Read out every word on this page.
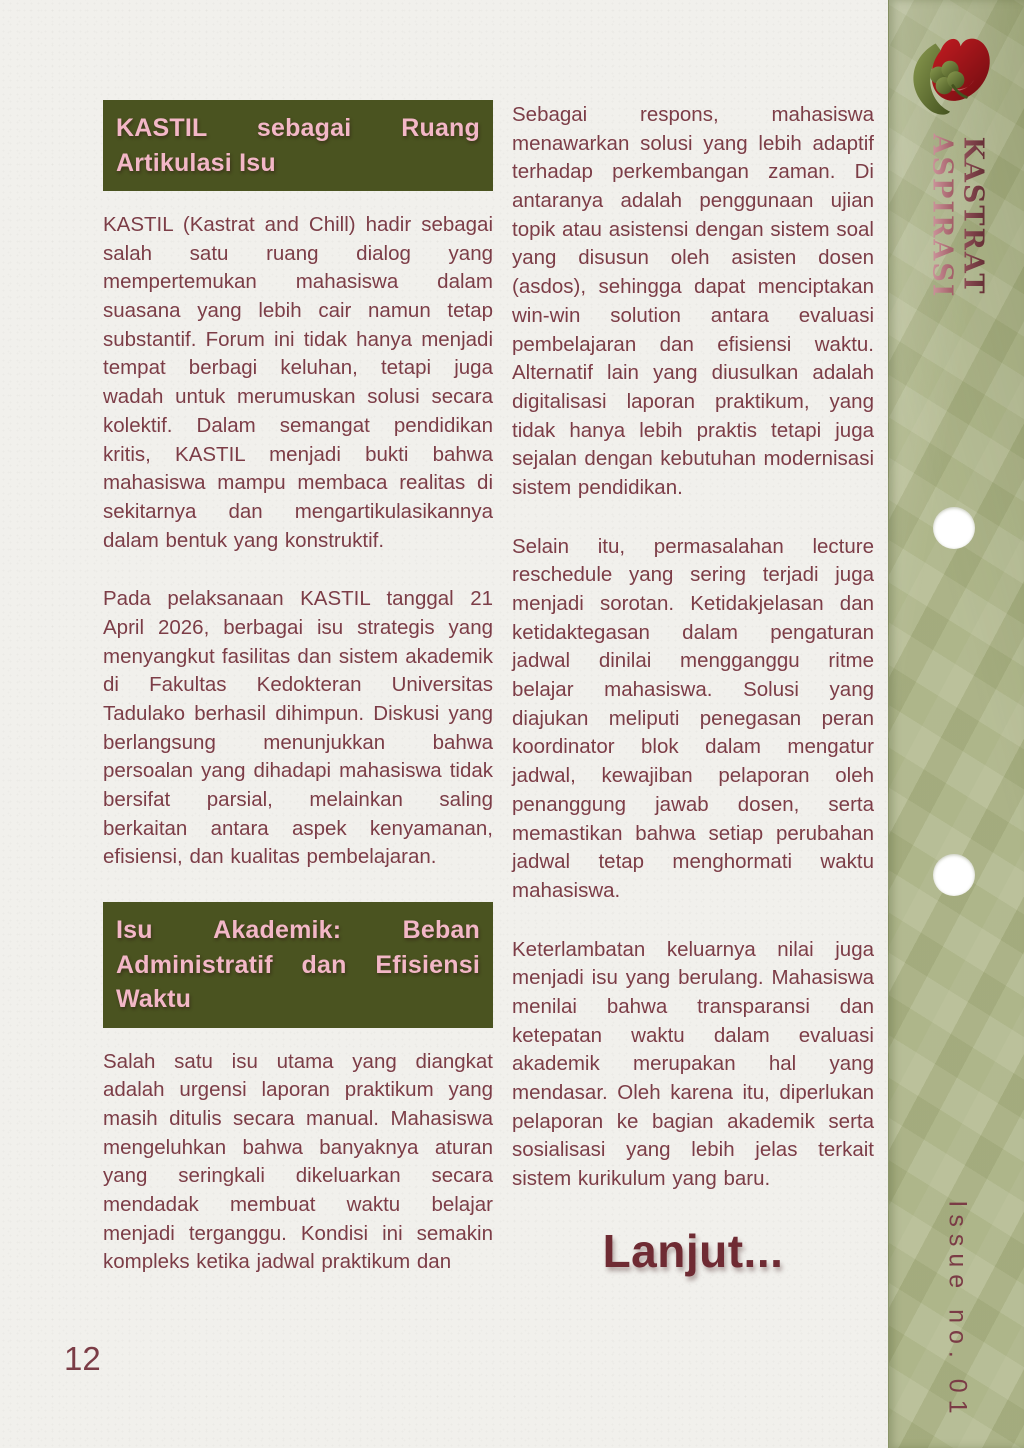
KASTIL sebagai Ruang Artikulasi Isu

KASTIL (Kastrat and Chill) hadir sebagai salah satu ruang dialog yang mempertemukan mahasiswa dalam suasana yang lebih cair namun tetap substantif. Forum ini tidak hanya menjadi tempat berbagi keluhan, tetapi juga wadah untuk merumuskan solusi secara kolektif. Dalam semangat pendidikan kritis, KASTIL menjadi bukti bahwa mahasiswa mampu membaca realitas di sekitarnya dan mengartikulasikannya dalam bentuk yang konstruktif.

Pada pelaksanaan KASTIL tanggal 21 April 2026, berbagai isu strategis yang menyangkut fasilitas dan sistem akademik di Fakultas Kedokteran Universitas Tadulako berhasil dihimpun. Diskusi yang berlangsung menunjukkan bahwa persoalan yang dihadapi mahasiswa tidak bersifat parsial, melainkan saling berkaitan antara aspek kenyamanan, efisiensi, dan kualitas pembelajaran.

Isu Akademik: Beban Administratif dan Efisiensi Waktu

Salah satu isu utama yang diangkat adalah urgensi laporan praktikum yang masih ditulis secara manual. Mahasiswa mengeluhkan bahwa banyaknya aturan yang seringkali dikeluarkan secara mendadak membuat waktu belajar menjadi terganggu. Kondisi ini semakin kompleks ketika jadwal praktikum dan

Sebagai respons, mahasiswa menawarkan solusi yang lebih adaptif terhadap perkembangan zaman. Di antaranya adalah penggunaan ujian topik atau asistensi dengan sistem soal yang disusun oleh asisten dosen (asdos), sehingga dapat menciptakan win-win solution antara evaluasi pembelajaran dan efisiensi waktu. Alternatif lain yang diusulkan adalah digitalisasi laporan praktikum, yang tidak hanya lebih praktis tetapi juga sejalan dengan kebutuhan modernisasi sistem pendidikan.

Selain itu, permasalahan lecture reschedule yang sering terjadi juga menjadi sorotan. Ketidakjelasan dan ketidaktegasan dalam pengaturan jadwal dinilai mengganggu ritme belajar mahasiswa. Solusi yang diajukan meliputi penegasan peran koordinator blok dalam mengatur jadwal, kewajiban pelaporan oleh penanggung jawab dosen, serta memastikan bahwa setiap perubahan jadwal tetap menghormati waktu mahasiswa.

Keterlambatan keluarnya nilai juga menjadi isu yang berulang. Mahasiswa menilai bahwa transparansi dan ketepatan waktu dalam evaluasi akademik merupakan hal yang mendasar. Oleh karena itu, diperlukan pelaporan ke bagian akademik serta sosialisasi yang lebih jelas terkait sistem kurikulum yang baru.

Lanjut...
12
KASTRAT
ASPIRASI
Issue no. 01
